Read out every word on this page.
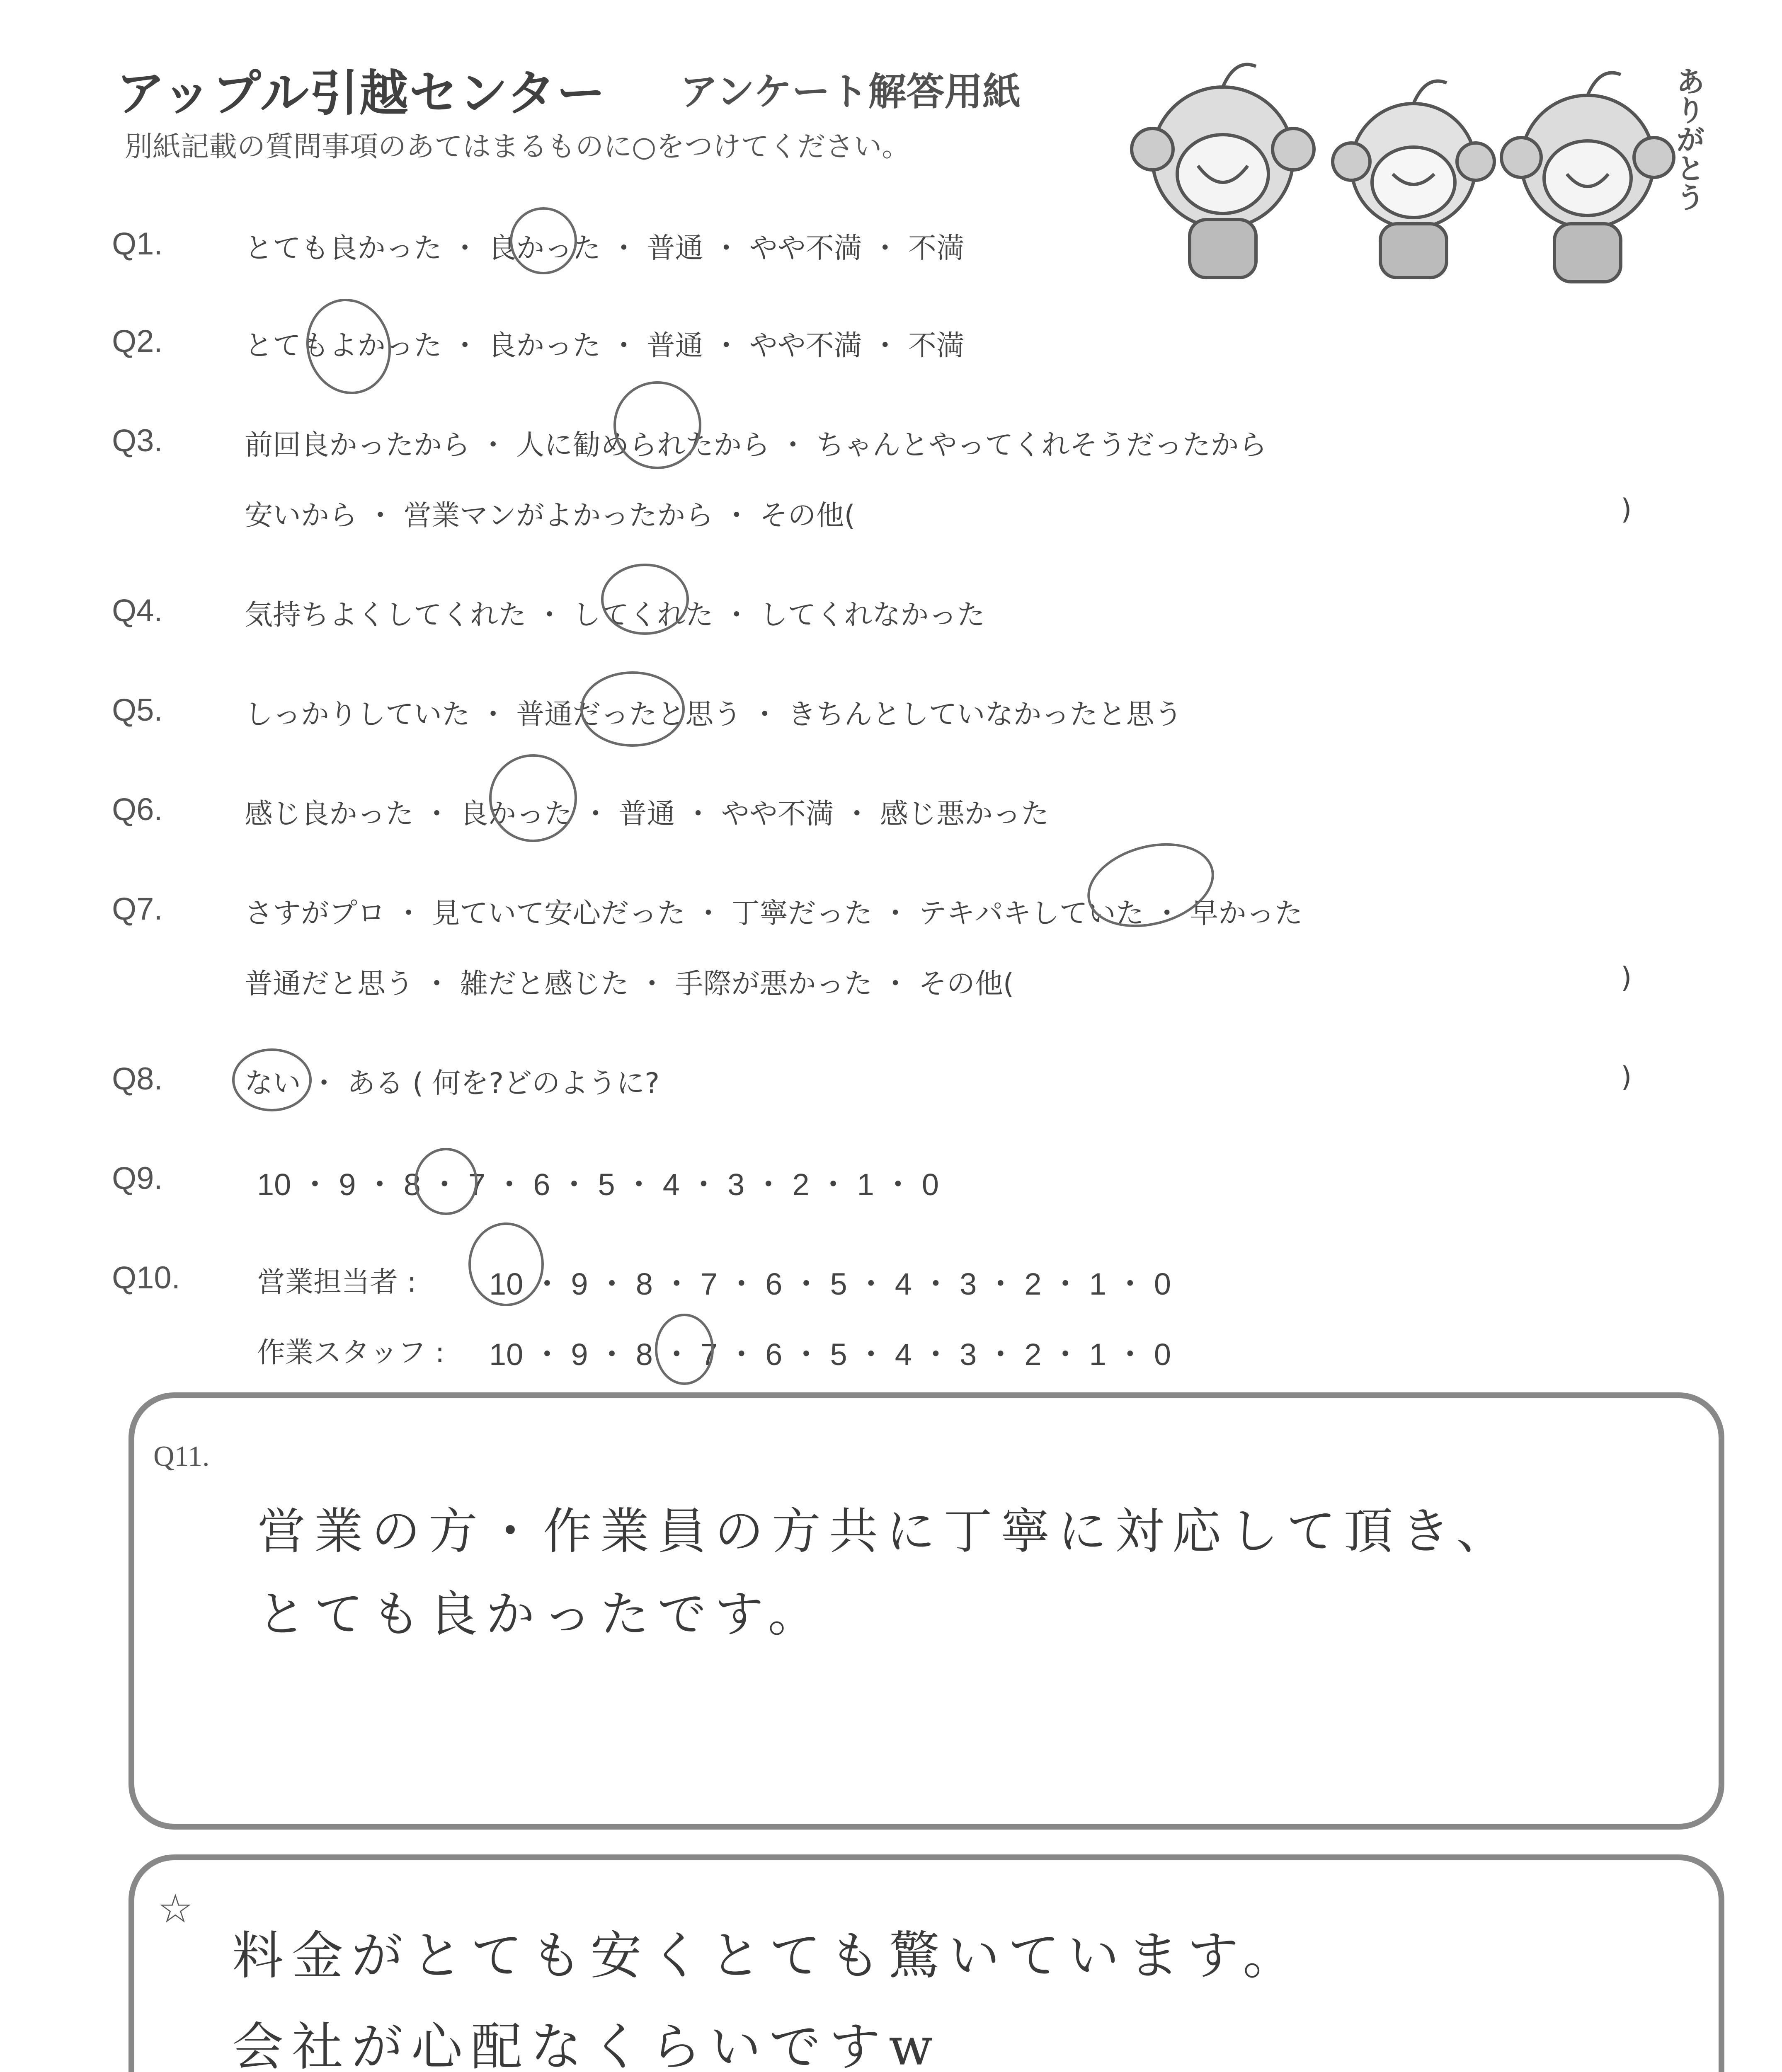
アップル引越センター アンケート解答用紙
別紙記載の質問事項のあてはまるものに○をつけてください。	ありがとう
Q1.	とても良かった ・ 良かった ・ 普通 ・ やや不満 ・ 不満
Q2.	とてもよかった ・ 良かった ・ 普通 ・ やや不満 ・ 不満
Q3.	前回良かったから ・ 人に勧められたから ・ ちゃんとやってくれそうだったから
安いから ・ 営業マンがよかったから ・ その他(	)
Q4.	気持ちよくしてくれた ・ してくれた ・ してくれなかった
Q5.	しっかりしていた ・ 普通だったと思う ・ きちんとしていなかったと思う
Q6.	感じ良かった ・ 良かった ・ 普通 ・ やや不満 ・ 感じ悪かった
Q7.	さすがプロ ・ 見ていて安心だった ・ 丁寧だった ・ テキパキしていた ・ 早かった
普通だと思う ・ 雑だと感じた ・ 手際が悪かった ・ その他(	)
Q8.	ない ・ ある ( 何を?どのように?	)
Q9.	10 ・ 9 ・ 8 ・ 7 ・ 6 ・ 5 ・ 4 ・ 3 ・ 2 ・ 1 ・ 0
Q10.	営業担当者 : 10 ・ 9 ・ 8 ・ 7 ・ 6 ・ 5 ・ 4 ・ 3 ・ 2 ・ 1 ・ 0
作業スタッフ : 10 ・ 9 ・ 8 ・ 7 ・ 6 ・ 5 ・ 4 ・ 3 ・ 2 ・ 1 ・ 0
Q11.
営業の方・作業員の方共に丁寧に対応して頂き、
とても良かったです。
☆
料金がとても安くとても驚いています。
会社が心配なくらいですw
